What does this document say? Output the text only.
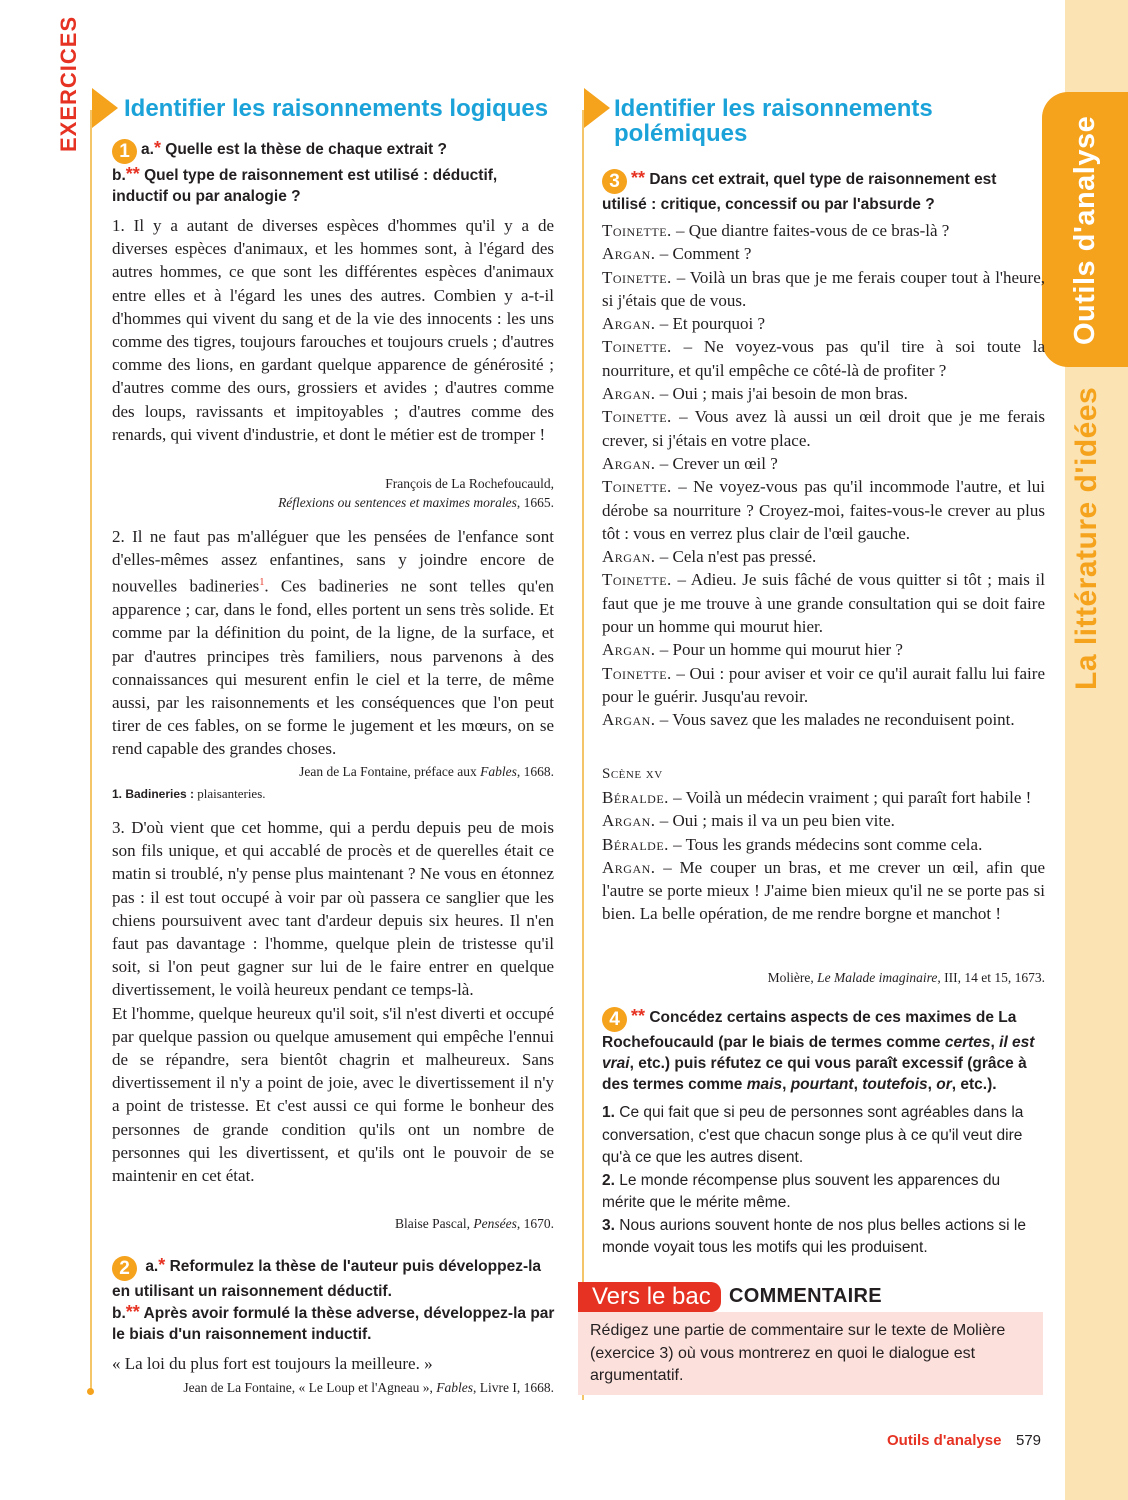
Outils d'analyse
La littérature d'idées
EXERCICES Identifier les raisonnements logiques
1 a.* Quelle est la thèse de chaque extrait ?
b.** Quel type de raisonnement est utilisé : déductif, inductif ou par analogie ?
1. Il y a autant de diverses espèces d'hommes qu'il y a de diverses espèces d'animaux, et les hommes sont, à l'égard des autres hommes, ce que sont les différentes espèces d'animaux entre elles et à l'égard les unes des autres. Combien y a-t-il d'hommes qui vivent du sang et de la vie des innocents : les uns comme des tigres, toujours farouches et toujours cruels ; d'autres comme des lions, en gardant quelque apparence de générosité ; d'autres comme des ours, grossiers et avides ; d'autres comme des loups, ravissants et impitoyables ; d'autres comme des renards, qui vivent d'industrie, et dont le métier est de tromper !
François de La Rochefoucauld,
Réflexions ou sentences et maximes morales, 1665.
2. Il ne faut pas m'alléguer que les pensées de l'enfance sont d'elles-mêmes assez enfantines, sans y joindre encore de nouvelles badineries$^1$. Ces badineries ne sont telles qu'en apparence ; car, dans le fond, elles portent un sens très solide. Et comme par la définition du point, de la ligne, de la surface, et par d'autres principes très familiers, nous parvenons à des connaissances qui mesurent enfin le ciel et la terre, de même aussi, par les raisonnements et les conséquences que l'on peut tirer de ces fables, on se forme le jugement et les mœurs, on se rend capable des grandes choses.
Jean de La Fontaine, préface aux Fables, 1668.
1. Badineries : plaisanteries.

3. D'où vient que cet homme, qui a perdu depuis peu de mois son fils unique, et qui accablé de procès et de querelles était ce matin si troublé, n'y pense plus maintenant ? Ne vous en étonnez pas : il est tout occupé à voir par où passera ce sanglier que les chiens poursuivent avec tant d'ardeur depuis six heures. Il n'en faut pas davantage : l'homme, quelque plein de tristesse qu'il soit, si l'on peut gagner sur lui de le faire entrer en quelque divertissement, le voilà heureux pendant ce temps-là.

Et l'homme, quelque heureux qu'il soit, s'il n'est diverti et occupé par quelque passion ou quelque amusement qui empêche l'ennui de se répandre, sera bientôt chagrin et malheureux. Sans divertissement il n'y a point de joie, avec le divertissement il n'y a point de tristesse. Et c'est aussi ce qui forme le bonheur des personnes de grande condition qu'ils ont un nombre de personnes qui les divertissent, et qu'ils ont le pouvoir de se maintenir en cet état.

Blaise Pascal, Pensées, 1670.
2 a.* Reformulez la thèse de l'auteur puis développez-la en utilisant un raisonnement déductif.
b.** Après avoir formulé la thèse adverse, développez-la par le biais d'un raisonnement inductif.
« La loi du plus fort est toujours la meilleure. »
Jean de La Fontaine, « Le Loup et l'Agneau », Fables, Livre I, 1668.
Identifier les raisonnements
polémiques
3 ** Dans cet extrait, quel type de raisonnement est utilisé : critique, concessif ou par l'absurde ?
Toinette. – Que diantre faites-vous de ce bras-là ?
Argan. – Comment ?
Toinette. – Voilà un bras que je me ferais couper tout à l'heure, si j'étais que de vous.
Argan. – Et pourquoi ?
Toinette. – Ne voyez-vous pas qu'il tire à soi toute la nourriture, et qu'il empêche ce côté-là de profiter ?
Argan. – Oui ; mais j'ai besoin de mon bras.
Toinette. – Vous avez là aussi un œil droit que je me ferais crever, si j'étais en votre place.
Argan. – Crever un œil ?
Toinette. – Ne voyez-vous pas qu'il incommode l'autre, et lui dérobe sa nourriture ? Croyez-moi, faites-vous-le crever au plus tôt : vous en verrez plus clair de l'œil gauche.
Argan. – Cela n'est pas pressé.
Toinette. – Adieu. Je suis fâché de vous quitter si tôt ; mais il faut que je me trouve à une grande consultation qui se doit faire pour un homme qui mourut hier.
Argan. – Pour un homme qui mourut hier ?
Toinette. – Oui : pour aviser et voir ce qu'il aurait fallu lui faire pour le guérir. Jusqu'au revoir.
Argan. – Vous savez que les malades ne reconduisent point.
Scène xv
Béralde. – Voilà un médecin vraiment ; qui paraît fort habile !
Argan. – Oui ; mais il va un peu bien vite.
Béralde. – Tous les grands médecins sont comme cela.
Argan. – Me couper un bras, et me crever un œil, afin que l'autre se porte mieux ! J'aime bien mieux qu'il ne se porte pas si bien. La belle opération, de me rendre borgne et manchot !
Molière, Le Malade imaginaire, III, 14 et 15, 1673.
4 ** Concédez certains aspects de ces maximes de La Rochefoucauld (par le biais de termes comme certes, il est vrai, etc.) puis réfutez ce qui vous paraît excessif (grâce à des termes comme mais, pourtant, toutefois, or, etc.).
1. Ce qui fait que si peu de personnes sont agréables dans la conversation, c'est que chacun songe plus à ce qu'il veut dire qu'à ce que les autres disent.
2. Le monde récompense plus souvent les apparences du mérite que le mérite même.
3. Nous aurions souvent honte de nos plus belles actions si le monde voyait tous les motifs qui les produisent.
Vers le bac COMMENTAIRE
Rédigez une partie de commentaire sur le texte de Molière (exercice 3) où vous montrerez en quoi le dialogue est argumentatif.
Outils d'analyse 579
